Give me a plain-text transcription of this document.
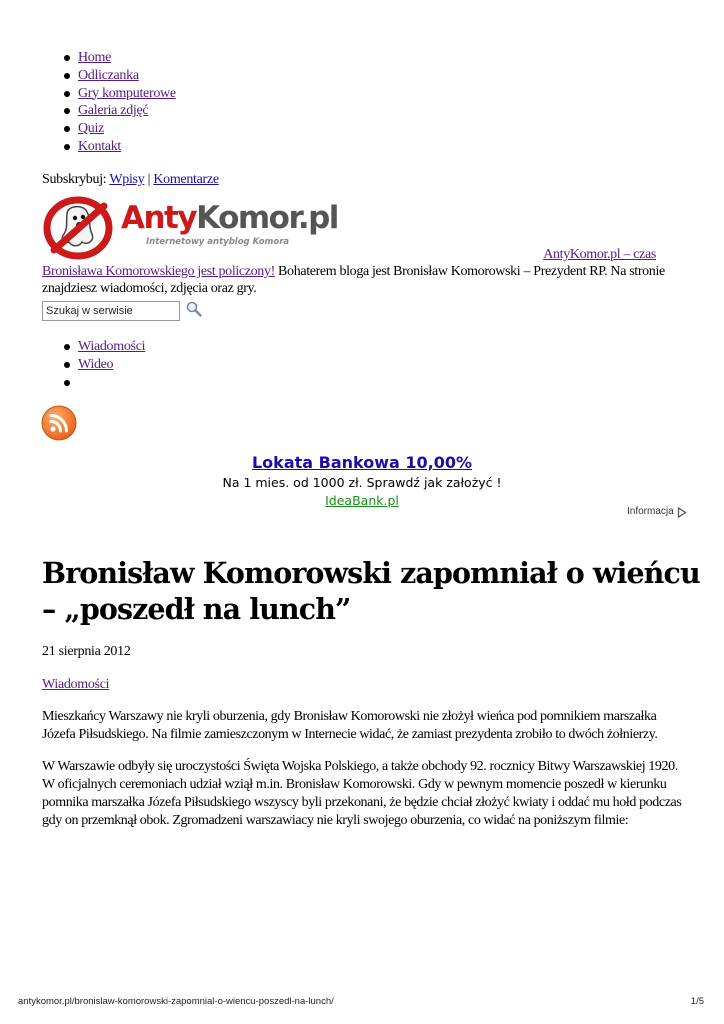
Home
Odliczanka
Gry komputerowe
Galeria zdjęć
Quiz
Kontakt
Subskrybuj: Wpisy | Komentarze
AntyKomor.pl
Internetowy antyblog Komora
AntyKomor.pl – czas
Bronisława Komorowskiego jest policzony! Bohaterem bloga jest Bronisław Komorowski – Prezydent RP. Na stronie znajdziesz wiadomości, zdjęcia oraz gry.
Szukaj w serwisie
Wiadomości
Wideo
Lokata Bankowa 10,00%
Na 1 mies. od 1000 zł. Sprawdź jak założyć !
IdeaBank.pl
Informacja
Bronisław Komorowski zapomniał o wieńcu – „poszedł na lunch”
21 sierpnia 2012
Wiadomości

Mieszkańcy Warszawy nie kryli oburzenia, gdy Bronisław Komorowski nie złożył wieńca pod pomnikiem marszałka Józefa Piłsudskiego. Na filmie zamieszczonym w Internecie widać, że zamiast prezydenta zrobiło to dwóch żołnierzy.

W Warszawie odbyły się uroczystości Święta Wojska Polskiego, a także obchody 92. rocznicy Bitwy Warszawskiej 1920. W oficjalnych ceremoniach udział wziął m.in. Bronisław Komorowski. Gdy w pewnym momencie poszedł w kierunku pomnika marszałka Józefa Piłsudskiego wszyscy byli przekonani, że będzie chciał złożyć kwiaty i oddać mu hołd podczas gdy on przemknął obok. Zgromadzeni warszawiacy nie kryli swojego oburzenia, co widać na poniższym filmie:

antykomor.pl/bronislaw-komorowski-zapomnial-o-wiencu-poszedl-na-lunch/	1/5
